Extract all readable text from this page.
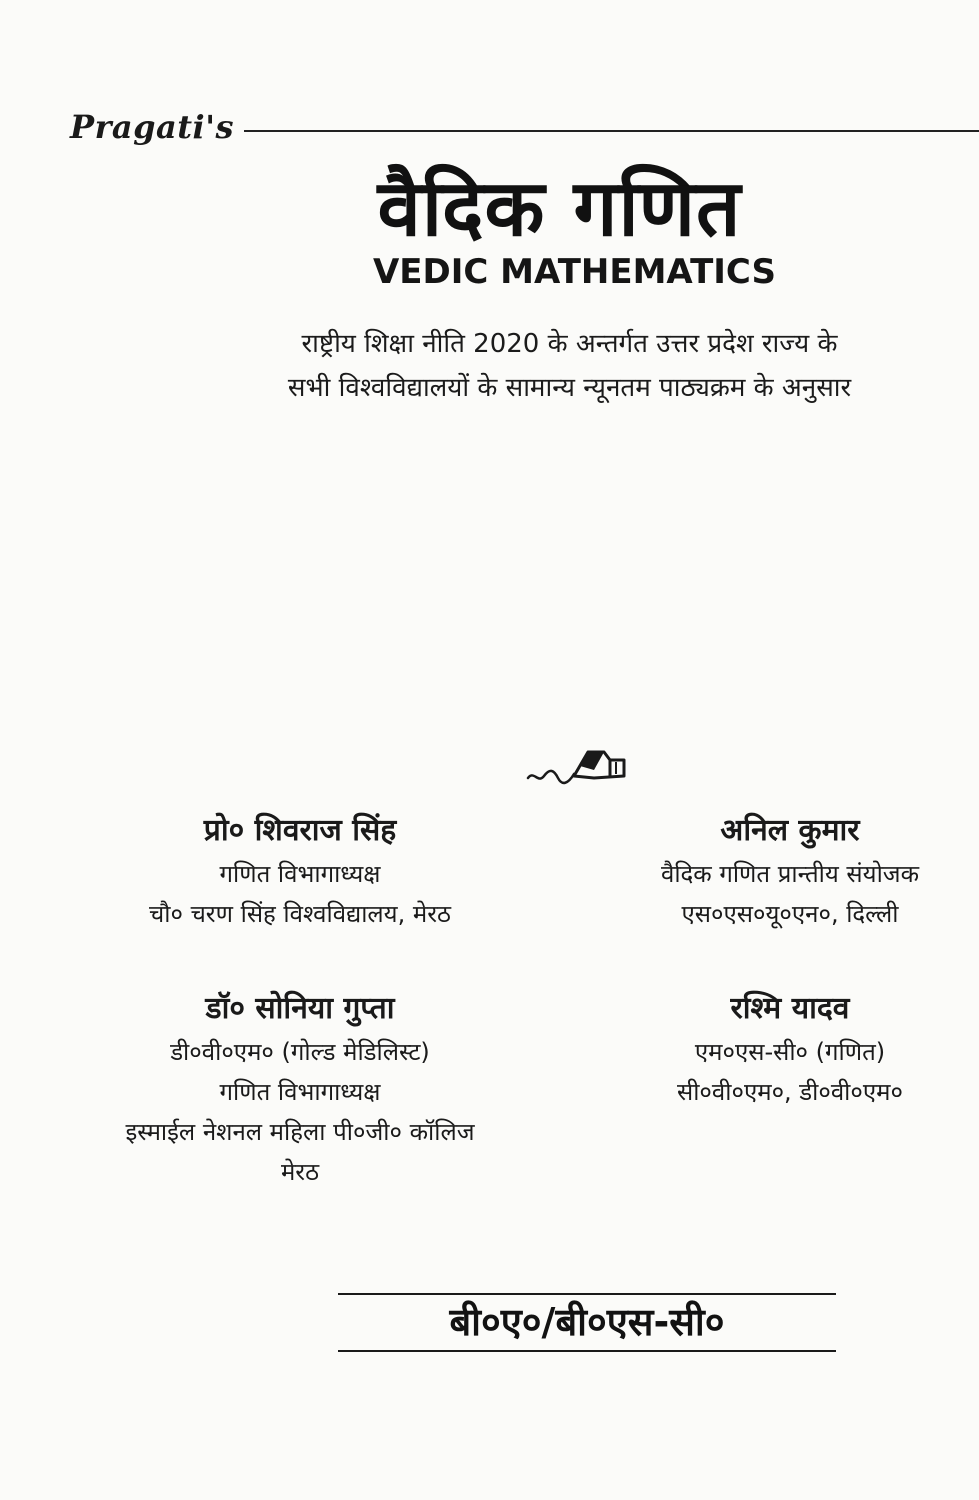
Pragati's
वैदिक गणित
VEDIC MATHEMATICS
राष्ट्रीय शिक्षा नीति 2020 के अन्तर्गत उत्तर प्रदेश राज्य के
सभी विश्वविद्यालयों के सामान्य न्यूनतम पाठ्यक्रम के अनुसार
प्रो० शिवराज सिंह
गणित विभागाध्यक्ष
चौ० चरण सिंह विश्वविद्यालय, मेरठ
अनिल कुमार
वैदिक गणित प्रान्तीय संयोजक
एस०एस०यू०एन०, दिल्ली
डॉ० सोनिया गुप्ता
डी०वी०एम० (गोल्ड मेडिलिस्ट)
गणित विभागाध्यक्ष
इस्माईल नेशनल महिला पी०जी० कॉलिज
मेरठ
रश्मि यादव
एम०एस-सी० (गणित)
सी०वी०एम०, डी०वी०एम०
बी०ए०/बी०एस-सी०
